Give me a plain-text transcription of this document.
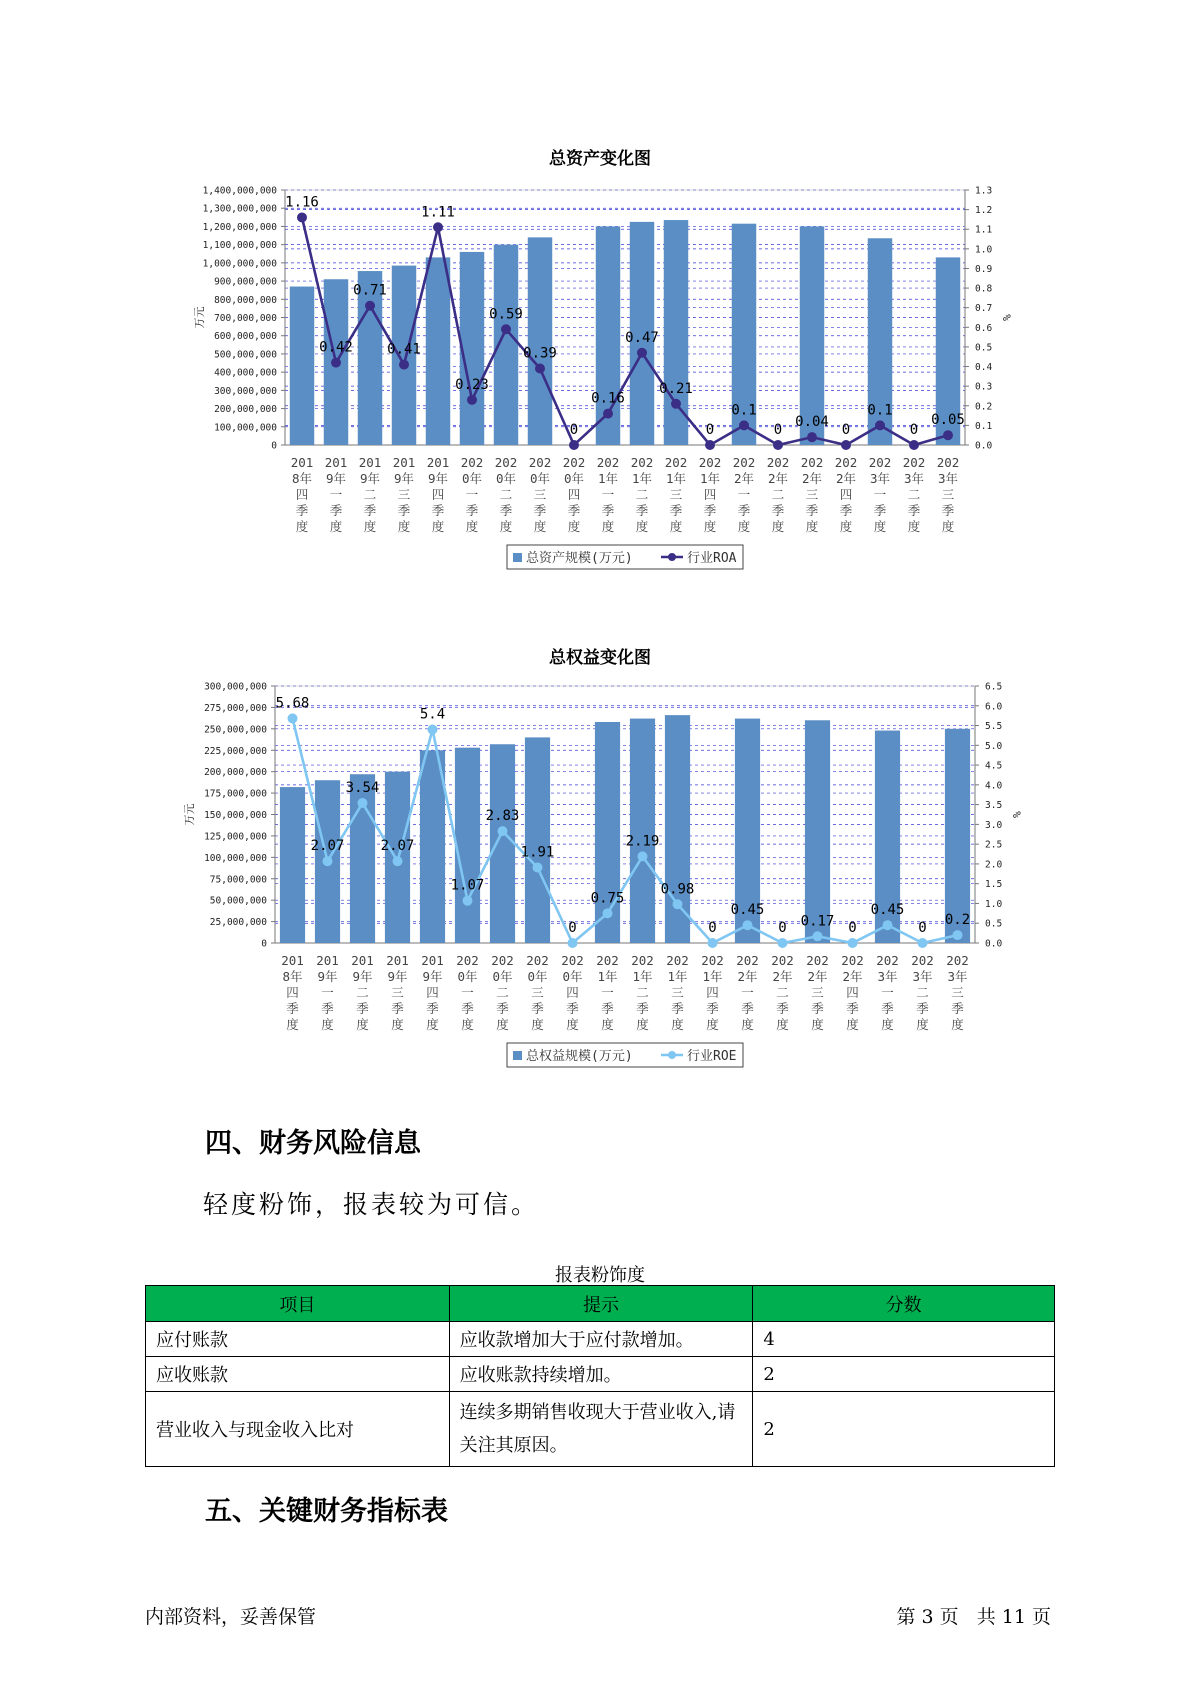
总资产变化图
0
100,000,000
200,000,000
300,000,000
400,000,000
500,000,000
600,000,000
700,000,000
800,000,000
900,000,000
1,000,000,000
1,100,000,000
1,200,000,000
1,300,000,000
1,400,000,000
0.0
0.1
0.2
0.3
0.4
0.5
0.6
0.7
0.8
0.9
1.0
1.1
1.2
1.3
万元	%
201 8年四季度
201 9年一季度
201 9年二季度
201 9年三季度
201 9年四季度
202 0年一季度
202 0年二季度
202 0年三季度
202 0年四季度
202 1年一季度
202 1年二季度
202 1年三季度
202 1年四季度
202 2年一季度
202 2年二季度
202 2年三季度
202 2年四季度
202 3年一季度
202 3年二季度
202 3年三季度
1.16
0.42
0.71
0.41
1.11
0.23
0.59
0.39
0
0.16
0.47
0.21
0
0.1
0 0.04 0
0.1
0
0.05
总资产规模(万元)	行业ROA
总权益变化图
0
25,000,000
50,000,000
75,000,000
100,000,000
125,000,000
150,000,000
175,000,000
200,000,000
225,000,000
250,000,000
275,000,000
300,000,000
0.0
0.5
1.0
1.5
2.0
2.5
3.0
3.5
4.0
4.5
5.0
5.5
6.0
6.5
万元	%
201 8年四季度
201 9年一季度
201 9年二季度
201 9年三季度
201 9年四季度
202 0年一季度
202 0年二季度
202 0年三季度
202 0年四季度
202 1年一季度
202 1年二季度
202 1年三季度
202 1年四季度
202 2年一季度
202 2年二季度
202 2年三季度
202 2年四季度
202 3年一季度
202 3年二季度
202 3年三季度
5.68
2.07
3.54
2.07
5.4
1.07
2.83
1.91
0
0.75
2.19
0.98
0
0.45
0 0.17 0
0.45
0 0.2
总权益规模(万元)	行业ROE
四、财务风险信息
轻度粉饰，报表较为可信。
报表粉饰度
项目	提示	分数
应付账款	应收款增加大于应付款增加。	4
应收账款	应收账款持续增加。	2
营业收入与现金收入比对	连续多期销售收现大于营业收入,请关注其原因。	2
五、关键财务指标表
内部资料，妥善保管	第 3 页   共 11 页
